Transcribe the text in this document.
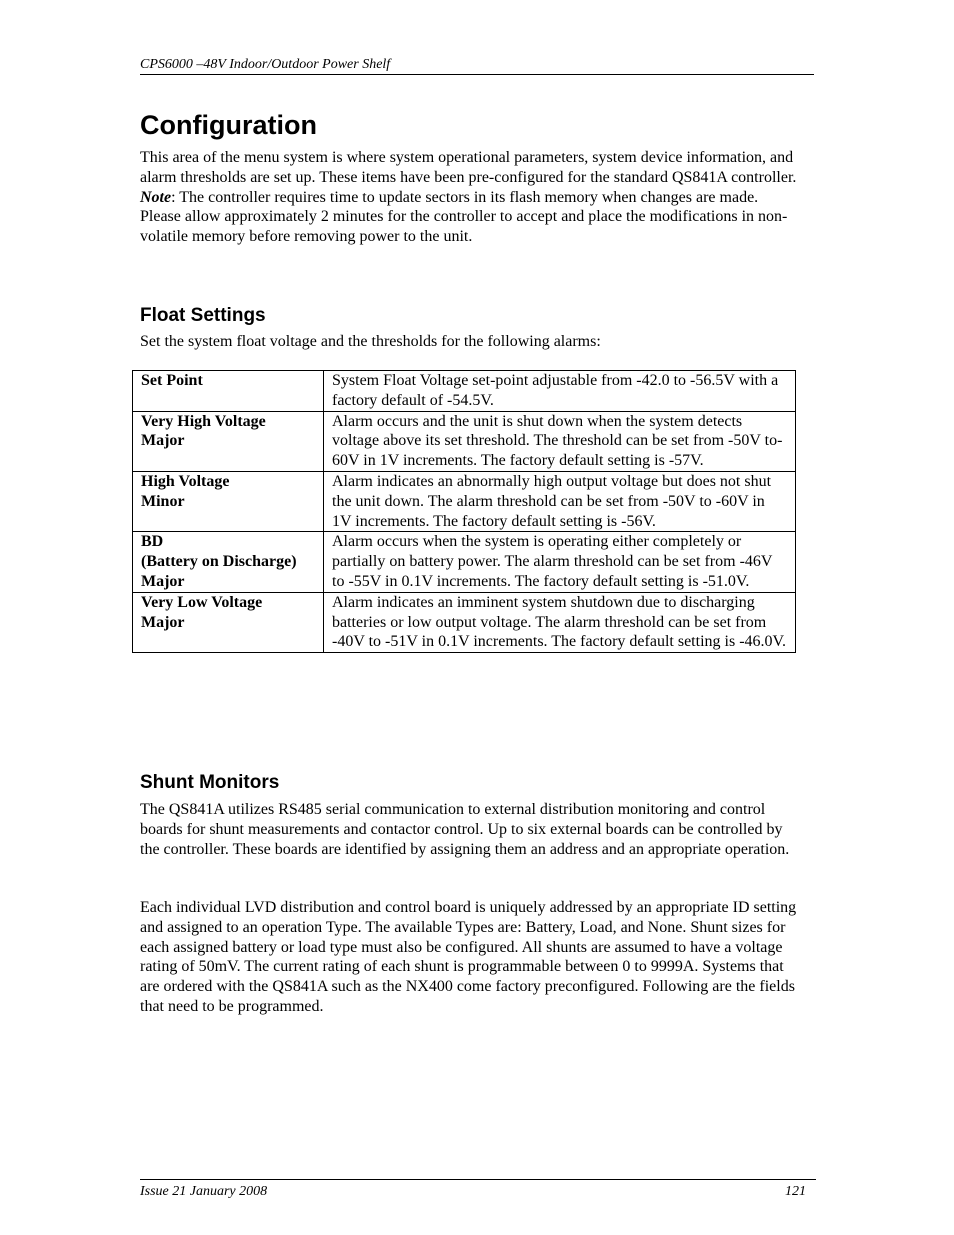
CPS6000 –48V Indoor/Outdoor Power Shelf
Configuration

This area of the menu system is where system operational parameters, system device information, and alarm thresholds are set up. These items have been pre-configured for the standard QS841A controller. Note: The controller requires time to update sectors in its flash memory when changes are made. Please allow approximately 2 minutes for the controller to accept and place the modifications in non-volatile memory before removing power to the unit.

Float Settings

Set the system float voltage and the thresholds for the following alarms:

Set Point	System Float Voltage set-point adjustable from -42.0 to -56.5V with a factory default of -54.5V.

Very High Voltage
Major	Alarm occurs and the unit is shut down when the system detects voltage above its set threshold. The threshold can be set from -50V to- 60V in 1V increments. The factory default setting is -57V.

High Voltage
Minor	Alarm indicates an abnormally high output voltage but does not shut the unit down. The alarm threshold can be set from -50V to -60V in 1V increments. The factory default setting is -56V.

BD
(Battery on Discharge)
Major	Alarm occurs when the system is operating either completely or partially on battery power. The alarm threshold can be set from -46V to -55V in 0.1V increments. The factory default setting is -51.0V.

Very Low Voltage
Major	Alarm indicates an imminent system shutdown due to discharging batteries or low output voltage. The alarm threshold can be set from -40V to -51V in 0.1V increments. The factory default setting is -46.0V.
Shunt Monitors

The QS841A utilizes RS485 serial communication to external distribution monitoring and control boards for shunt measurements and contactor control. Up to six external boards can be controlled by the controller. These boards are identified by assigning them an address and an appropriate operation.

Each individual LVD distribution and control board is uniquely addressed by an appropriate ID setting and assigned to an operation Type. The available Types are: Battery, Load, and None. Shunt sizes for each assigned battery or load type must also be configured. All shunts are assumed to have a voltage rating of 50mV. The current rating of each shunt is programmable between 0 to 9999A. Systems that are ordered with the QS841A such as the NX400 come factory preconfigured. Following are the fields that need to be programmed.

Issue 21 January 2008	121
